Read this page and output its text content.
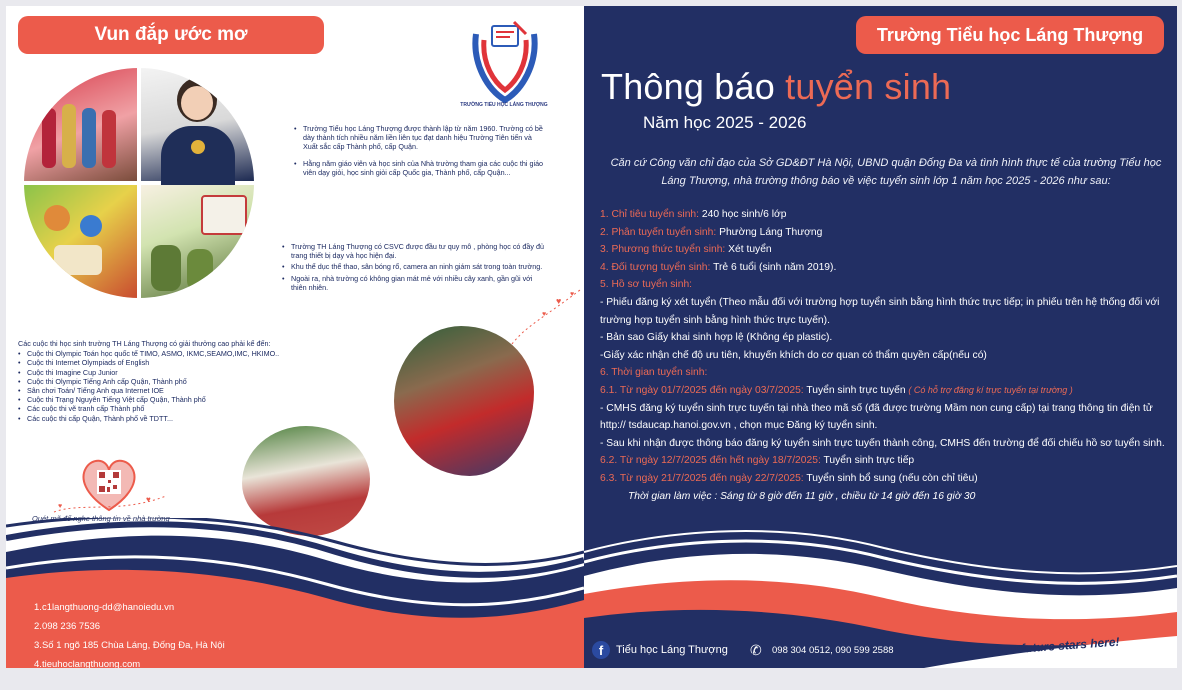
Vun đắp ước mơ
TRƯỜNG TIỂU HỌC LÁNG THƯỢNG
• Trường Tiểu học Láng Thượng được thành lập từ năm 1960. Trường có bề dày thành tích nhiều năm liền liên tục đạt danh hiệu Trường Tiên tiến và Xuất sắc cấp Thành phố, cấp Quận.
• Hằng năm giáo viên và học sinh của Nhà trường tham gia các cuộc thi giáo viên dạy giỏi, học sinh giỏi cấp Quốc gia, Thành phố, cấp Quận...
• Trường TH Láng Thượng có CSVC được đầu tư quy mô , phòng học có đầy đủ trang thiết bị dạy và học hiện đại.
• Khu thể dục thể thao, sân bóng rổ, camera an ninh giám sát trong toàn trường.
• Ngoài ra, nhà trường có không gian mát mẻ với nhiều cây xanh, gần gũi với thiên nhiên.
Các cuộc thi học sinh trường TH Láng Thượng có giải thưởng cao phải kể đến:
• Cuộc thi Olympic Toán học quốc tế TIMO, ASMO, IKMC,SEAMO,IMC, HKIMO..
• Cuộc thi Internet Olympiads of English
• Cuộc thi Imagine Cup Junior
• Cuộc thi Olympic Tiếng Anh cấp Quận, Thành phố
• Sân chơi Toán/ Tiếng Anh qua Internet IOE
• Cuộc thi Trạng Nguyên Tiếng Việt cấp Quận, Thành phố
• Các cuộc thi vẽ tranh cấp Thành phố
• Các cuộc thi cấp Quận, Thành phố về TDTT...
♥
♥
♥
♥
♥
Quét mã để nghe thông tin về nhà trường
1.c1langthuong-dd@hanoiedu.vn
2.098 236 7536
3.Số 1 ngõ 185 Chùa Láng, Đống Đa, Hà Nội
4.tieuhoclangthuong.com
Trường Tiểu học Láng Thượng
Thông báo tuyển sinh
Năm học 2025 - 2026
Căn cứ Công văn chỉ đạo của Sở GD&ĐT Hà Nội, UBND quận Đống Đa và tình hình thực tế của trường Tiểu học Láng Thượng, nhà trường thông báo về việc tuyển sinh lớp 1 năm học 2025 - 2026 như sau:
1. Chỉ tiêu tuyển sinh: 240 học sinh/6 lớp
2. Phân tuyến tuyển sinh: Phường Láng Thượng
3. Phương thức tuyển sinh: Xét tuyển
4. Đối tượng tuyển sinh: Trẻ 6 tuổi (sinh năm 2019).
5. Hồ sơ tuyển sinh:
- Phiếu đăng ký xét tuyển (Theo mẫu đối với trường hợp tuyển sinh bằng hình thức trực tiếp; in phiếu trên hệ thống đối với trường hợp tuyển sinh bằng hình thức trực tuyến).
- Bản sao Giấy khai sinh hợp lệ (Không ép plastic).
-Giấy xác nhận chế độ ưu tiên, khuyến khích do cơ quan có thẩm quyền cấp(nếu có)
6. Thời gian tuyển sinh:
6.1. Từ ngày 01/7/2025 đến ngày 03/7/2025: Tuyển sinh trực tuyến ( Có hỗ trợ đăng kí trực tuyến tại trường )
- CMHS đăng ký tuyển sinh trực tuyến tại nhà theo mã số (đã được trường Mầm non cung cấp) tại trang thông tin điện tử http:// tsdaucap.hanoi.gov.vn , chọn mục Đăng ký tuyển sinh.
- Sau khi nhận được thông báo đăng ký tuyển sinh trực tuyến thành công, CMHS đến trường để đối chiếu hồ sơ tuyển sinh.
6.2. Từ ngày 12/7/2025 đến hết ngày 18/7/2025: Tuyển sinh trực tiếp
6.3. Từ ngày 21/7/2025 đến ngày 22/7/2025: Tuyển sinh bổ sung (nếu còn chỉ tiêu)
Thời gian làm việc : Sáng từ 8 giờ đến 11 giờ , chiều từ 14 giờ đến 16 giờ 30
f	Tiểu học Láng Thượng ✆	098 304 0512, 090 599 2588	Yourfuture stars here!
